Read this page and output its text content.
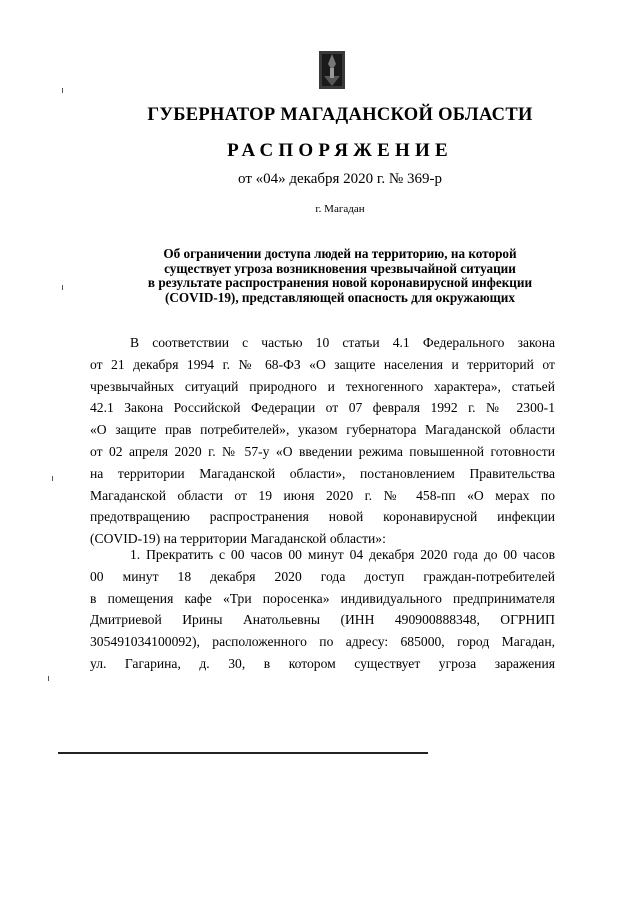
ГУБЕРНАТОР МАГАДАНСКОЙ ОБЛАСТИ
РАСПОРЯЖЕНИЕ
от «04» декабря 2020 г. № 369-р
г. Магадан
Об ограничении доступа людей на территорию, на которой
существует угроза возникновения чрезвычайной ситуации
в результате распространения новой коронавирусной инфекции
(COVID-19), представляющей опасность для окружающих
В соответствии с частью 10 статьи 4.1 Федерального закона
от 21 декабря 1994 г. № 68-ФЗ «О защите населения и территорий от
чрезвычайных ситуаций природного и техногенного характера», статьей
42.1 Закона Российской Федерации от 07 февраля 1992 г. № 2300-1
«О защите прав потребителей», указом губернатора Магаданской области
от 02 апреля 2020 г. № 57-у «О введении режима повышенной готовности
на территории Магаданской области», постановлением Правительства
Магаданской области от 19 июня 2020 г. № 458-пп «О мерах по
предотвращению распространения новой коронавирусной инфекции
(COVID-19) на территории Магаданской области»:
1. Прекратить с 00 часов 00 минут 04 декабря 2020 года до 00 часов
00 минут 18 декабря 2020 года доступ граждан-потребителей
в помещения кафе «Три поросенка» индивидуального предпринимателя
Дмитриевой Ирины Анатольевны (ИНН 490900888348, ОГРНИП
305491034100092), расположенного по адресу: 685000, город Магадан,
ул. Гагарина, д. 30, в котором существует угроза заражения
